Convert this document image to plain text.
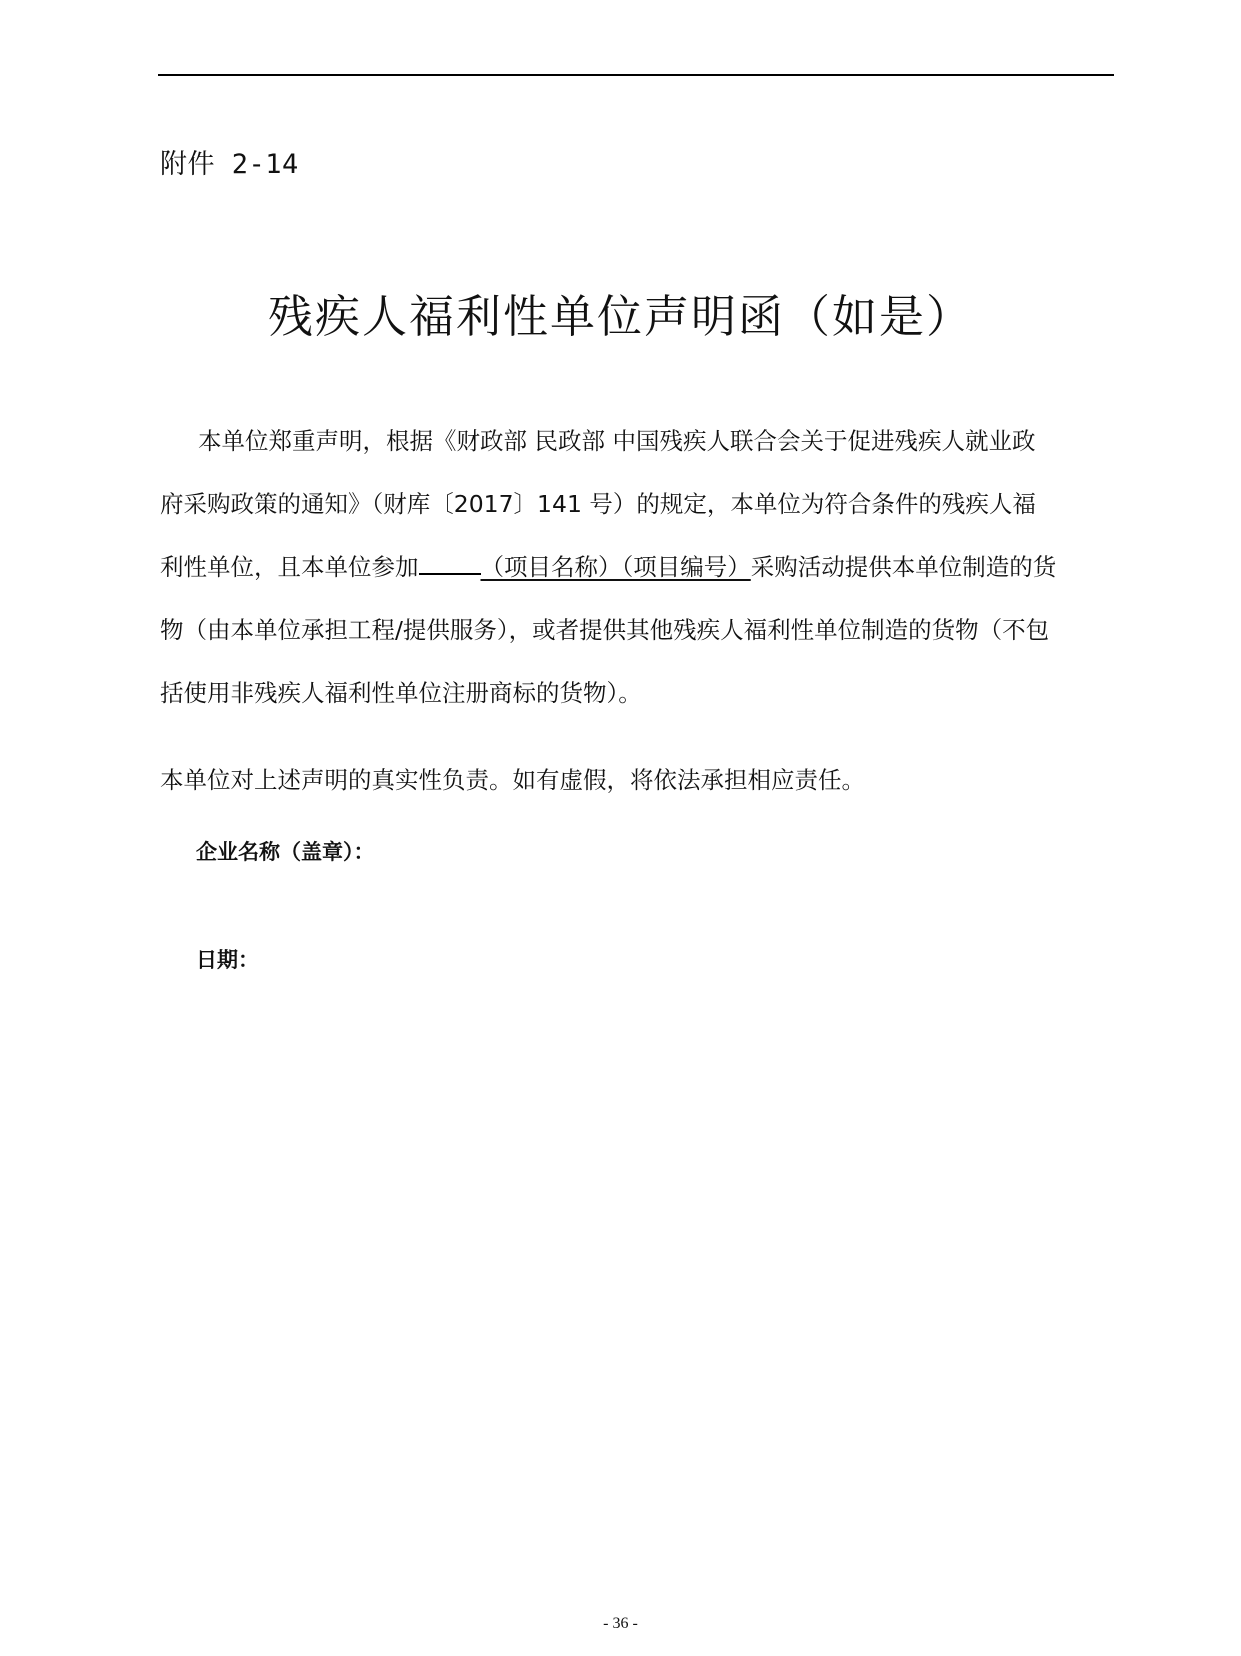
附件 2-14
残疾人福利性单位声明函（如是）
本单位郑重声明，根据《财政部 民政部 中国残疾人联合会关于促进残疾人就业政
府采购政策的通知》（财库〔2017〕141 号）的规定，本单位为符合条件的残疾人福
利性单位，且本单位参加	（项目名称）（项目编号）采购活动提供本单位制造的货
物（由本单位承担工程/提供服务），或者提供其他残疾人福利性单位制造的货物（不包
括使用非残疾人福利性单位注册商标的货物）。
本单位对上述声明的真实性负责。如有虚假，将依法承担相应责任。
企业名称（盖章）：
日期：
- 36 -
